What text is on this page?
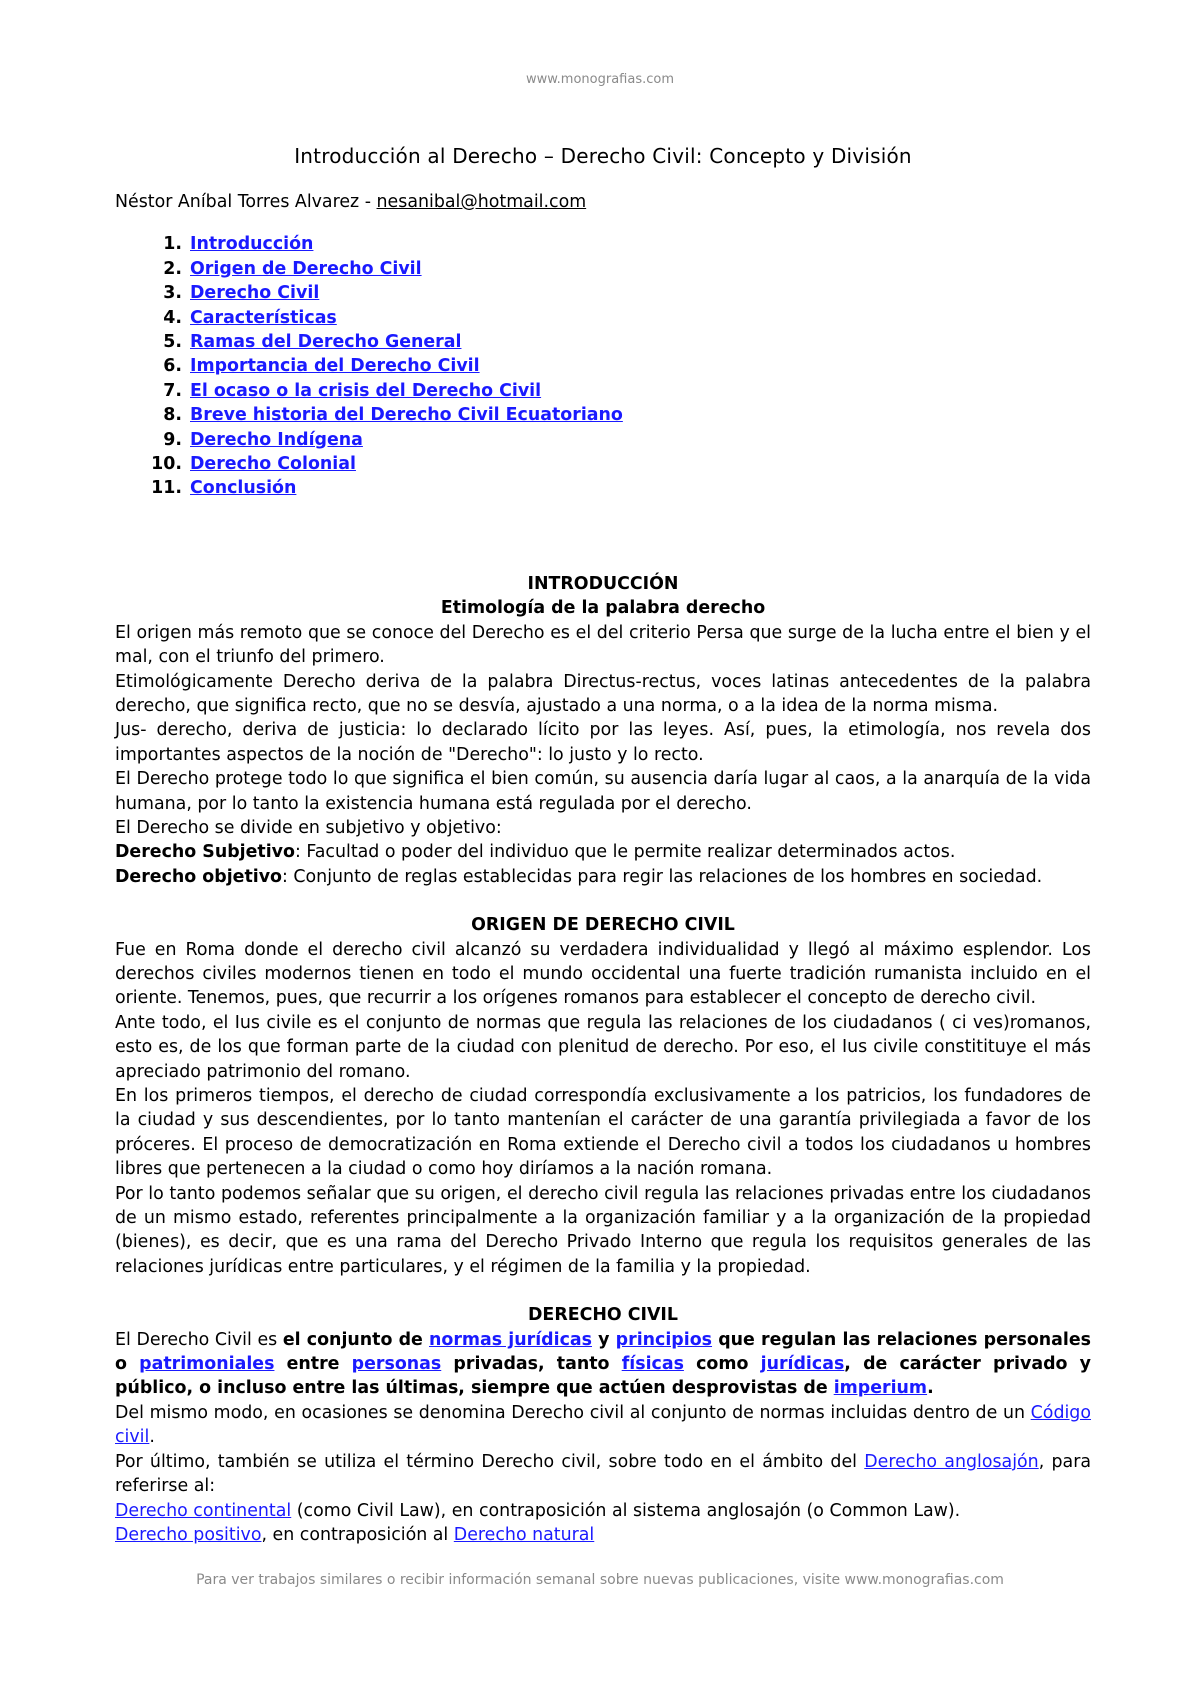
www.monografias.com
Introducción al Derecho – Derecho Civil: Concepto y División
Néstor Aníbal Torres Alvarez - nesanibal@hotmail.com
1. Introducción
2. Origen de Derecho Civil
3. Derecho Civil
4. Características
5. Ramas del Derecho General
6. Importancia del Derecho Civil
7. El ocaso o la crisis del Derecho Civil
8. Breve historia del Derecho Civil Ecuatoriano
9. Derecho Indígena
10. Derecho Colonial
11. Conclusión
INTRODUCCIÓN
Etimología de la palabra derecho

El origen más remoto que se conoce del Derecho es el del criterio Persa que surge de la lucha entre el bien y el mal, con el triunfo del primero.

Etimológicamente Derecho deriva de la palabra Directus-rectus, voces latinas antecedentes de la palabra derecho, que significa recto, que no se desvía, ajustado a una norma, o a la idea de la norma misma.

Jus- derecho, deriva de justicia: lo declarado lícito por las leyes. Así, pues, la etimología, nos revela dos importantes aspectos de la noción de "Derecho": lo justo y lo recto.

El Derecho protege todo lo que significa el bien común, su ausencia daría lugar al caos, a la anarquía de la vida humana, por lo tanto la existencia humana está regulada por el derecho.

El Derecho se divide en subjetivo y objetivo:

Derecho Subjetivo: Facultad o poder del individuo que le permite realizar determinados actos.

Derecho objetivo: Conjunto de reglas establecidas para regir las relaciones de los hombres en sociedad.

ORIGEN DE DERECHO CIVIL

Fue en Roma donde el derecho civil alcanzó su verdadera individualidad y llegó al máximo esplendor. Los derechos civiles modernos tienen en todo el mundo occidental una fuerte tradición rumanista incluido en el oriente. Tenemos, pues, que recurrir a los orígenes romanos para establecer el concepto de derecho civil.

Ante todo, el Ius civile es el conjunto de normas que regula las relaciones de los ciudadanos ( ci ves)romanos, esto es, de los que forman parte de la ciudad con plenitud de derecho. Por eso, el Ius civile constitituye el más apreciado patrimonio del romano.

En los primeros tiempos, el derecho de ciudad correspondía exclusivamente a los patricios, los fundadores de la ciudad y sus descendientes, por lo tanto mantenían el carácter de una garantía privilegiada a favor de los próceres. El proceso de democratización en Roma extiende el Derecho civil a todos los ciudadanos u hombres libres que pertenecen a la ciudad o como hoy diríamos a la nación romana.

Por lo tanto podemos señalar que su origen, el derecho civil regula las relaciones privadas entre los ciudadanos de un mismo estado, referentes principalmente a la organización familiar y a la organización de la propiedad (bienes), es decir, que es una rama del Derecho Privado Interno que regula los requisitos generales de las relaciones jurídicas entre particulares, y el régimen de la familia y la propiedad.

DERECHO CIVIL

El Derecho Civil es el conjunto de normas jurídicas y principios que regulan las relaciones personales o patrimoniales entre personas privadas, tanto físicas como jurídicas, de carácter privado y público, o incluso entre las últimas, siempre que actúen desprovistas de imperium.

Del mismo modo, en ocasiones se denomina Derecho civil al conjunto de normas incluidas dentro de un Código civil.

Por último, también se utiliza el término Derecho civil, sobre todo en el ámbito del Derecho anglosajón, para referirse al:

Derecho continental (como Civil Law), en contraposición al sistema anglosajón (o Common Law).

Derecho positivo, en contraposición al Derecho natural

Para ver trabajos similares o recibir información semanal sobre nuevas publicaciones, visite www.monografias.com
